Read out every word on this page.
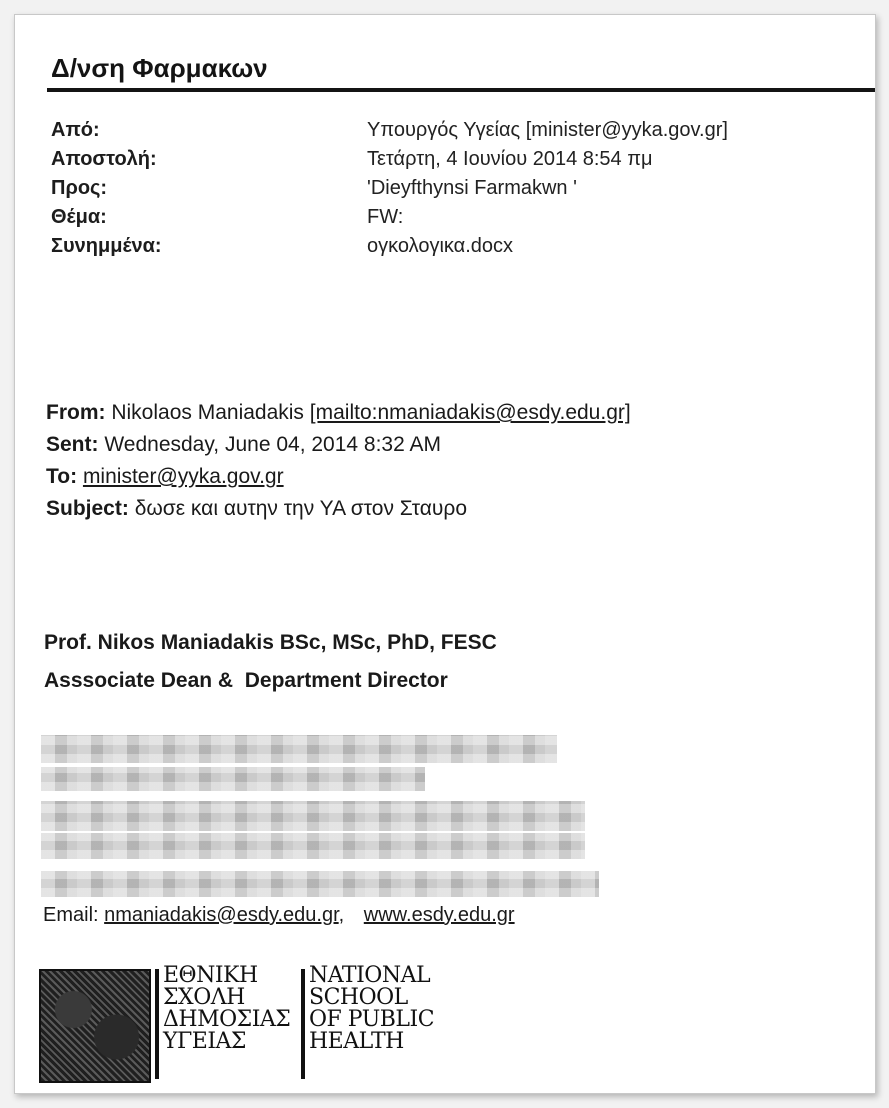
Δ/νση Φαρμακων
Από:	Υπουργός Υγείας [minister@yyka.gov.gr]
Αποστολή:	Τετάρτη, 4 Ιουνίου 2014 8:54 πμ
Προς:	'Dieyfthynsi Farmakwn '
Θέμα:	FW:
Συνημμένα:	ογκολογικα.docx
From: Nikolaos Maniadakis [mailto:nmaniadakis@esdy.edu.gr]
Sent: Wednesday, June 04, 2014 8:32 AM
To: minister@yyka.gov.gr
Subject: δωσε και αυτην την ΥΑ στον Σταυρο
Prof. Nikos Maniadakis BSc, MSc, PhD, FESC
Asssociate Dean &  Department Director
Email: nmaniadakis@esdy.edu.gr, www.esdy.edu.gr
ΕΘΝΙΚΗ
ΣΧΟΛΗ
ΔΗΜΟΣΙΑΣ
ΥΓΕΙΑΣ
NATIONAL
SCHOOL
OF PUBLIC
HEALTH
